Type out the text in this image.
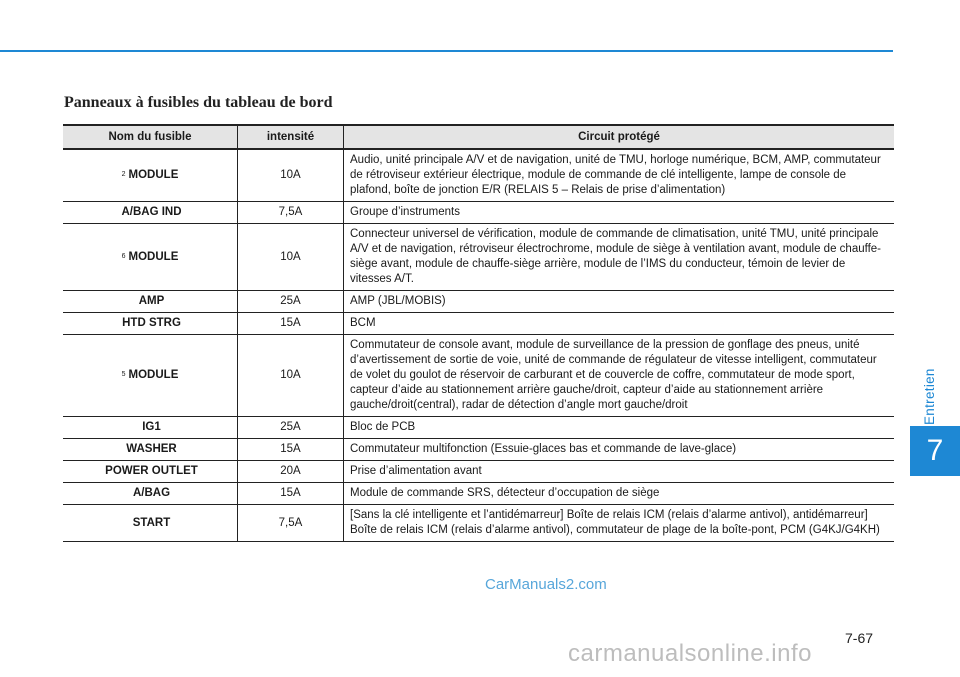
Panneaux à fusibles du tableau de bord
Entretien
7
Nom du fusible	intensité	Circuit protégé
$^2$ MODULE	10A	Audio, unité principale A/V et de navigation, unité de TMU, horloge numérique, BCM, AMP, commutateur de rétroviseur extérieur électrique, module de commande de clé intelligente, lampe de console de plafond, boîte de jonction E/R (RELAIS 5 – Relais de prise d’alimentation)
A/BAG IND	7,5A	Groupe d’instruments
$^6$ MODULE	10A	Connecteur universel de vérification, module de commande de climatisation, unité TMU, unité principale A/V et de navigation, rétroviseur électrochrome, module de siège à ventilation avant, module de chauffe-siège avant, module de chauffe-siège arrière, module de l’IMS du conducteur, témoin de levier de vitesses A/T.
AMP	25A	AMP (JBL/MOBIS)
HTD STRG	15A	BCM
$^5$ MODULE	10A	Commutateur de console avant, module de surveillance de la pression de gonflage des pneus, unité d’avertissement de sortie de voie, unité de commande de régulateur de vitesse intelligent, commutateur de volet du goulot de réservoir de carburant et de couvercle de coffre, commutateur de mode sport, capteur d’aide au stationnement arrière gauche/droit, capteur d’aide au stationnement arrière gauche/droit(central), radar de détection d’angle mort gauche/droit
IG1	25A	Bloc de PCB
WASHER	15A	Commutateur multifonction (Essuie-glaces bas et commande de lave-glace)
POWER OUTLET	20A	Prise d’alimentation avant
A/BAG	15A	Module de commande SRS, détecteur d’occupation de siège
START	7,5A	[Sans la clé intelligente et l’antidémarreur] Boîte de relais ICM (relais d’alarme antivol), antidémarreur] Boîte de relais ICM (relais d’alarme antivol), commutateur de plage de la boîte-pont, PCM (G4KJ/G4KH)
CarManuals2.com
7-67
carmanualsonline.info
